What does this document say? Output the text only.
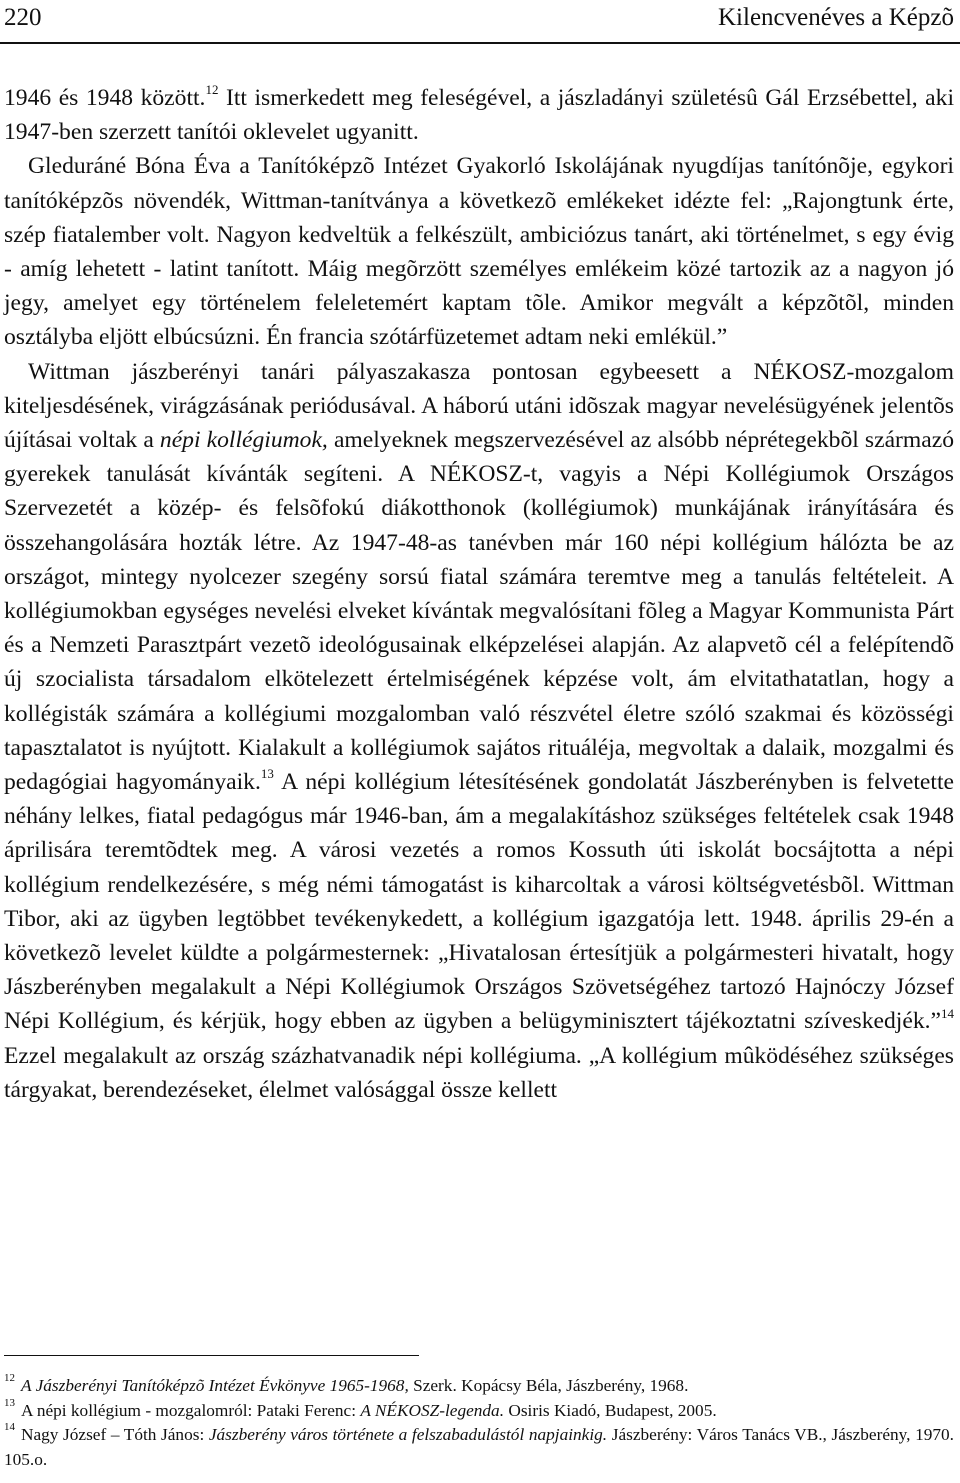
220	Kilencvenéves a Képzõ

1946 és 1948 között.$^{12}$ Itt ismerkedett meg feleségével, a jászladányi születésû Gál Erzsébettel, aki 1947-ben szerzett tanítói oklevelet ugyanitt.

Gleduráné Bóna Éva a Tanítóképzõ Intézet Gyakorló Iskolájának nyugdíjas tanítónõje, egykori tanítóképzõs növendék, Wittman-tanítványa a következõ emlékeket idézte fel: „Rajongtunk érte, szép fiatalember volt. Nagyon kedveltük a felkészült, ambiciózus tanárt, aki történelmet, s egy évig - amíg lehetett - latint tanított. Máig megõrzött személyes emlékeim közé tartozik az a nagyon jó jegy, amelyet egy történelem feleletemért kaptam tõle. Amikor megvált a képzõtõl, minden osztályba eljött elbúcsúzni. Én francia szótárfüzetemet adtam neki emlékül.”

Wittman jászberényi tanári pályaszakasza pontosan egybeesett a NÉKOSZ-mozgalom kiteljesdésének, virágzásának periódusával. A háború utáni idõszak magyar nevelésügyének jelentõs újításai voltak a népi kollégiumok, amelyeknek megszervezésével az alsóbb néprétegekbõl származó gyerekek tanulását kívánták segíteni. A NÉKOSZ-t, vagyis a Népi Kollégiumok Országos Szervezetét a közép- és felsõfokú diákotthonok (kollégiumok) munkájának irányítására és összehangolására hozták létre. Az 1947-48-as tanévben már 160 népi kollégium hálózta be az országot, mintegy nyolcezer szegény sorsú fiatal számára teremtve meg a tanulás feltételeit. A kollégiumokban egységes nevelési elveket kívántak megvalósítani fõleg a Magyar Kommunista Párt és a Nemzeti Parasztpárt vezetõ ideológusainak elképzelései alapján. Az alapvetõ cél a felépítendõ új szocialista társadalom elkötelezett értelmiségének képzése volt, ám elvitathatatlan, hogy a kollégisták számára a kollégiumi mozgalomban való részvétel életre szóló szakmai és közösségi tapasztalatot is nyújtott. Kialakult a kollégiumok sajátos rituáléja, megvoltak a dalaik, mozgalmi és pedagógiai hagyományaik.$^{13}$ A népi kollégium létesítésének gondolatát Jászberényben is felvetette néhány lelkes, fiatal pedagógus már 1946-ban, ám a megalakításhoz szükséges feltételek csak 1948 áprilisára teremtõdtek meg. A városi vezetés a romos Kossuth úti iskolát bocsájtotta a népi kollégium rendelkezésére, s még némi támogatást is kiharcoltak a városi költségvetésbõl. Wittman Tibor, aki az ügyben legtöbbet tevékenykedett, a kollégium igazgatója lett. 1948. április 29-én a következõ levelet küldte a polgármesternek: „Hivatalosan értesítjük a polgármesteri hivatalt, hogy Jászberényben megalakult a Népi Kollégiumok Országos Szövetségéhez tartozó Hajnóczy József Népi Kollégium, és kérjük, hogy ebben az ügyben a belügyminisztert tájékoztatni szíveskedjék.”$^{14}$ Ezzel megalakult az ország százhatvanadik népi kollégiuma. „A kollégium mûködéséhez szükséges tárgyakat, berendezéseket, élelmet valósággal össze kellett

$^{12}$ A Jászberényi Tanítóképzõ Intézet Évkönyve 1965-1968, Szerk. Kopácsy Béla, Jászberény, 1968.
$^{13}$ A népi kollégium - mozgalomról: Pataki Ferenc: A NÉKOSZ-legenda. Osiris Kiadó, Budapest, 2005.
$^{14}$ Nagy József – Tóth János: Jászberény város története a felszabadulástól napjainkig. Jászberény: Város Tanács VB., Jászberény, 1970. 105.o.
